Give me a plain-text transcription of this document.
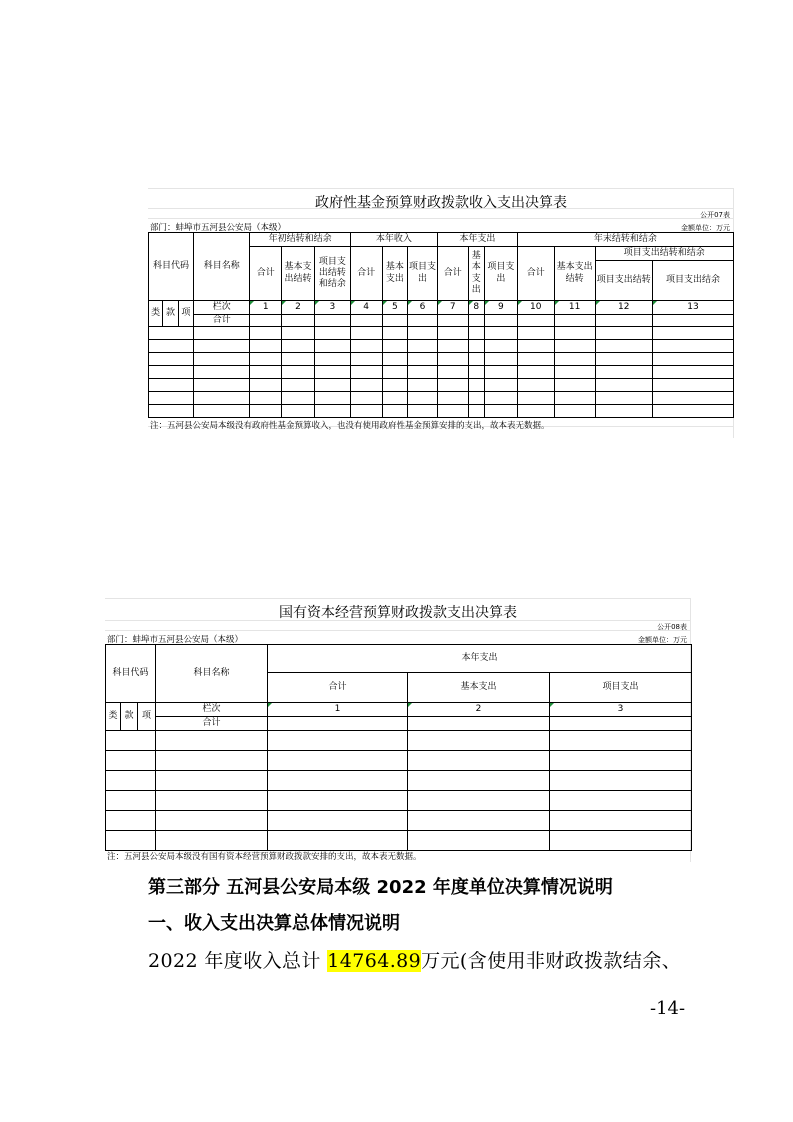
政府性基金预算财政拨款收入支出决算表
公开07表
部门：蚌埠市五河县公安局（本级）	金额单位：万元
科目代码			科目名称	年初结转和结余			本年收入			本年支出			年末结转和结余			
				合计	基本支出结转	项目支出结转和结余	合计	基本支出	项目支出	合计	基本支出	项目支出	合计	基本支出结转	项目支出结转和结余	
															项目支出结转	项目支出结余
类	款	项	栏次	1	2	3	4	5	6	7	8	9	10	11	12	13
			合计													

注：五河县公安局本级没有政府性基金预算收入，也没有使用政府性基金预算安排的支出，故本表无数据。
国有资本经营预算财政拨款支出决算表
公开08表
部门：蚌埠市五河县公安局（本级）	金额单位：万元
科目代码			科目名称	本年支出		
				合计	基本支出	项目支出
类	款	项	栏次	1	2	3
			合计			

注：五河县公安局本级没有国有资本经营预算财政拨款安排的支出，故本表无数据。
第三部分 五河县公安局本级 2022 年度单位决算情况说明
一、收入支出决算总体情况说明
2022 年度收入总计 14764.89万元(含使用非财政拨款结余、
-14-
